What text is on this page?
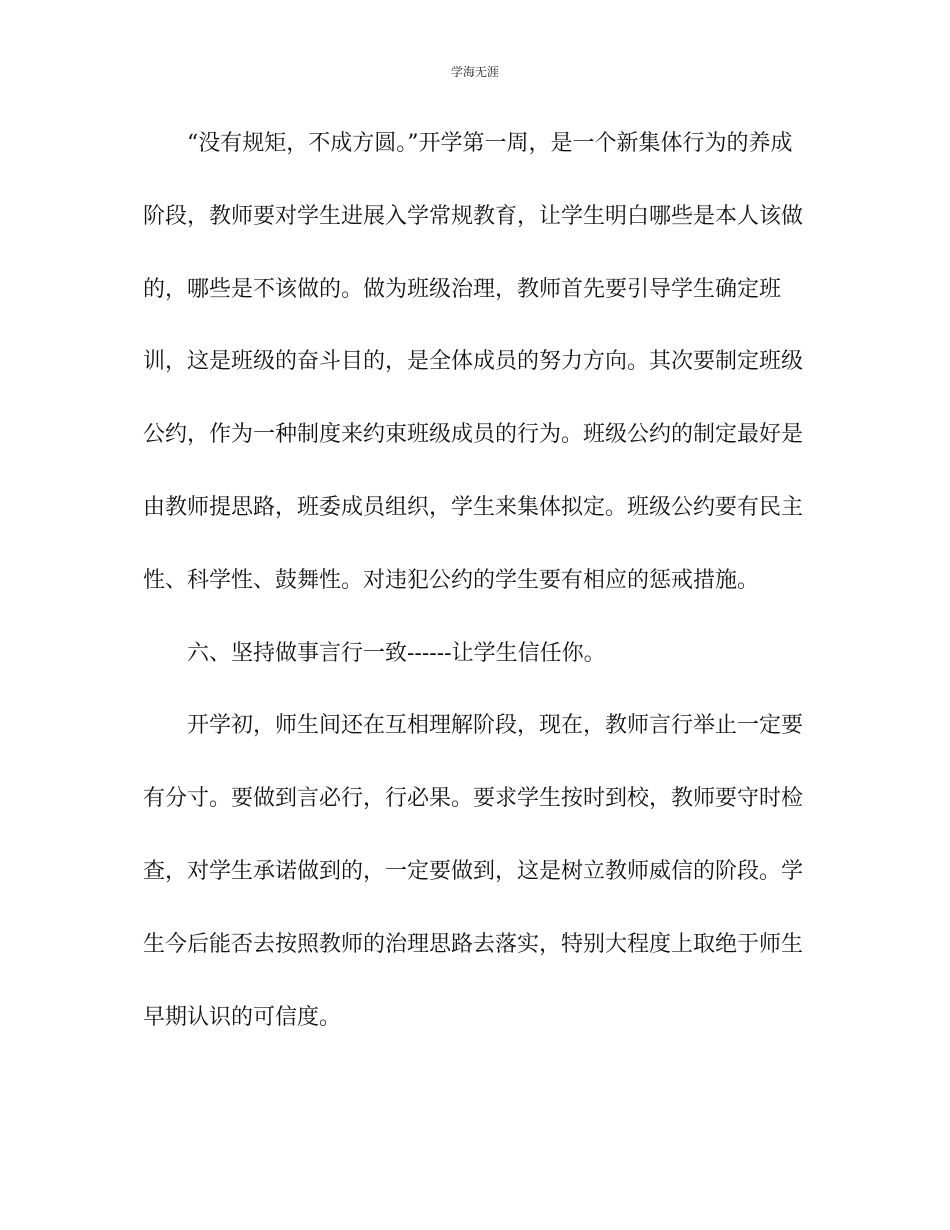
学海无涯
“没有规矩，不成方圆。”开学第一周，是一个新集体行为的养成
阶段，教师要对学生进展入学常规教育，让学生明白哪些是本人该做
的，哪些是不该做的。做为班级治理，教师首先要引导学生确定班
训，这是班级的奋斗目的，是全体成员的努力方向。其次要制定班级
公约，作为一种制度来约束班级成员的行为。班级公约的制定最好是
由教师提思路，班委成员组织，学生来集体拟定。班级公约要有民主
性、科学性、鼓舞性。对违犯公约的学生要有相应的惩戒措施。
六、坚持做事言行一致------让学生信任你。
开学初，师生间还在互相理解阶段，现在，教师言行举止一定要
有分寸。要做到言必行，行必果。要求学生按时到校，教师要守时检
查，对学生承诺做到的，一定要做到，这是树立教师威信的阶段。学
生今后能否去按照教师的治理思路去落实，特别大程度上取绝于师生
早期认识的可信度。
